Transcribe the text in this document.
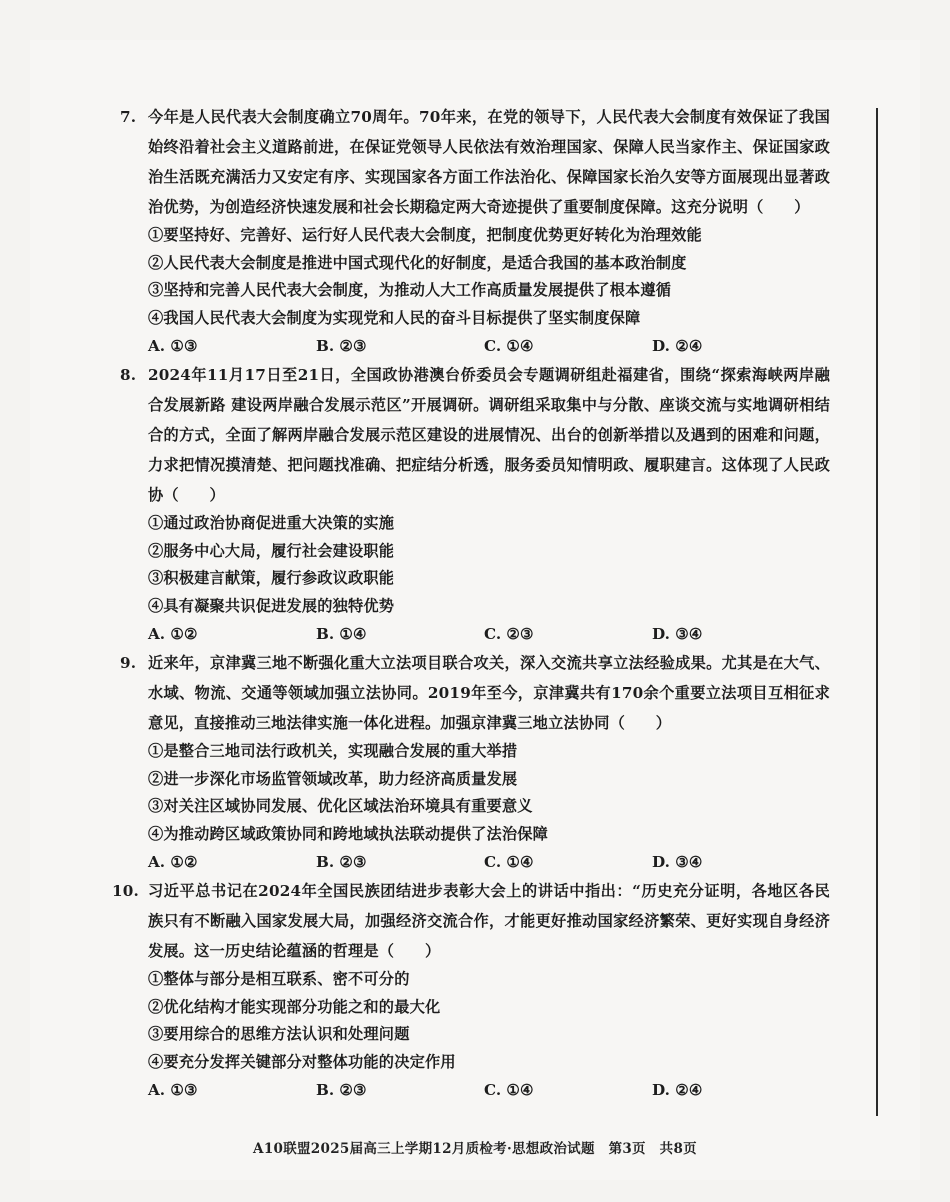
7. 今年是人民代表大会制度确立70周年。70年来，在党的领导下，人民代表大会制度有效保证了我国始终沿着社会主义道路前进，在保证党领导人民依法有效治理国家、保障人民当家作主、保证国家政治生活既充满活力又安定有序、实现国家各方面工作法治化、保障国家长治久安等方面展现出显著政治优势，为创造经济快速发展和社会长期稳定两大奇迹提供了重要制度保障。这充分说明（　　）
①要坚持好、完善好、运行好人民代表大会制度，把制度优势更好转化为治理效能
②人民代表大会制度是推进中国式现代化的好制度，是适合我国的基本政治制度
③坚持和完善人民代表大会制度，为推动人大工作高质量发展提供了根本遵循
④我国人民代表大会制度为实现党和人民的奋斗目标提供了坚实制度保障
A. ①③	B. ②③	C. ①④	D. ②④
8. 2024年11月17日至21日，全国政协港澳台侨委员会专题调研组赴福建省，围绕“探索海峡两岸融合发展新路 建设两岸融合发展示范区”开展调研。调研组采取集中与分散、座谈交流与实地调研相结合的方式，全面了解两岸融合发展示范区建设的进展情况、出台的创新举措以及遇到的困难和问题，力求把情况摸清楚、把问题找准确、把症结分析透，服务委员知情明政、履职建言。这体现了人民政协（　　）
①通过政治协商促进重大决策的实施
②服务中心大局，履行社会建设职能
③积极建言献策，履行参政议政职能
④具有凝聚共识促进发展的独特优势
A. ①②	B. ①④	C. ②③	D. ③④
9. 近来年，京津冀三地不断强化重大立法项目联合攻关，深入交流共享立法经验成果。尤其是在大气、水域、物流、交通等领域加强立法协同。2019年至今，京津冀共有170余个重要立法项目互相征求意见，直接推动三地法律实施一体化进程。加强京津冀三地立法协同（　　）
①是整合三地司法行政机关，实现融合发展的重大举措
②进一步深化市场监管领域改革，助力经济高质量发展
③对关注区域协同发展、优化区域法治环境具有重要意义
④为推动跨区域政策协同和跨地域执法联动提供了法治保障
A. ①②	B. ②③	C. ①④	D. ③④
10. 习近平总书记在2024年全国民族团结进步表彰大会上的讲话中指出：“历史充分证明，各地区各民族只有不断融入国家发展大局，加强经济交流合作，才能更好推动国家经济繁荣、更好实现自身经济发展。这一历史结论蕴涵的哲理是（　　）
①整体与部分是相互联系、密不可分的
②优化结构才能实现部分功能之和的最大化
③要用综合的思维方法认识和处理问题
④要充分发挥关键部分对整体功能的决定作用
A. ①③	B. ②③	C. ①④	D. ②④
A10联盟2025届高三上学期12月质检考·思想政治试题　第3页　共8页
